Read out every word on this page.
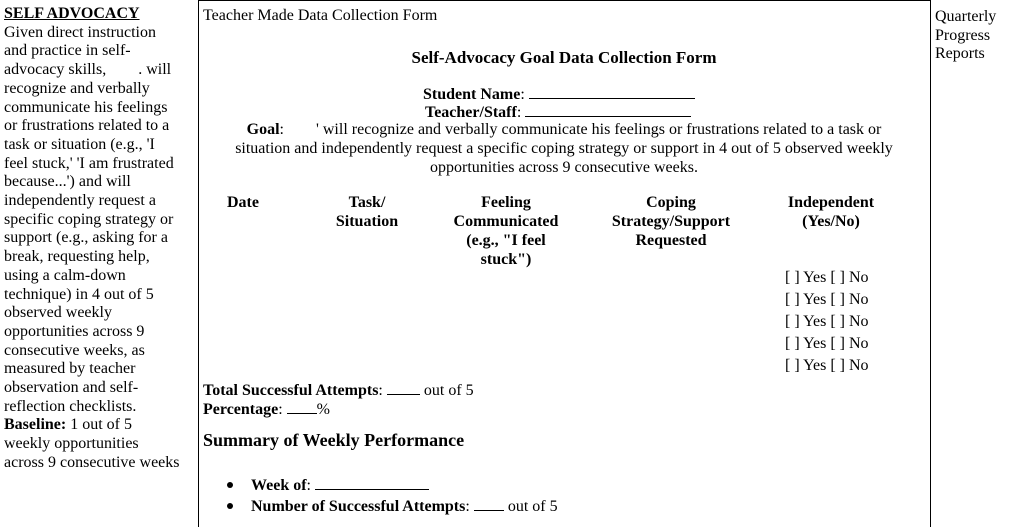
SELF ADVOCACY
Given direct instruction
and practice in self-
advocacy skills,        . will
recognize and verbally
communicate his feelings
or frustrations related to a
task or situation (e.g., 'I
feel stuck,' 'I am frustrated
because...') and will
independently request a
specific coping strategy or
support (e.g., asking for a
break, requesting help,
using a calm-down
technique) in 4 out of 5
observed weekly
opportunities across 9
consecutive weeks, as
measured by teacher
observation and self-
reflection checklists.
Baseline: 1 out of 5
weekly opportunities
across 9 consecutive weeks
Teacher Made Data Collection Form
Self-Advocacy Goal Data Collection Form
Student Name:
Teacher/Staff:
Goal:        ' will recognize and verbally communicate his feelings or frustrations related to a task or
situation and independently request a specific coping strategy or support in 4 out of 5 observed weekly
opportunities across 9 consecutive weeks.
Date	Task/
Situation
Feeling
Communicated
(e.g., "I feel
stuck")
Coping
Strategy/Support
Requested
Independent
(Yes/No)
[ ] Yes [ ] No
[ ] Yes [ ] No
[ ] Yes [ ] No
[ ] Yes [ ] No
[ ] Yes [ ] No
Total Successful Attempts:  out of 5
Percentage: %
Summary of Weekly Performance
Week of:
Number of Successful Attempts:  out of 5
Quarterly
Progress
Reports
